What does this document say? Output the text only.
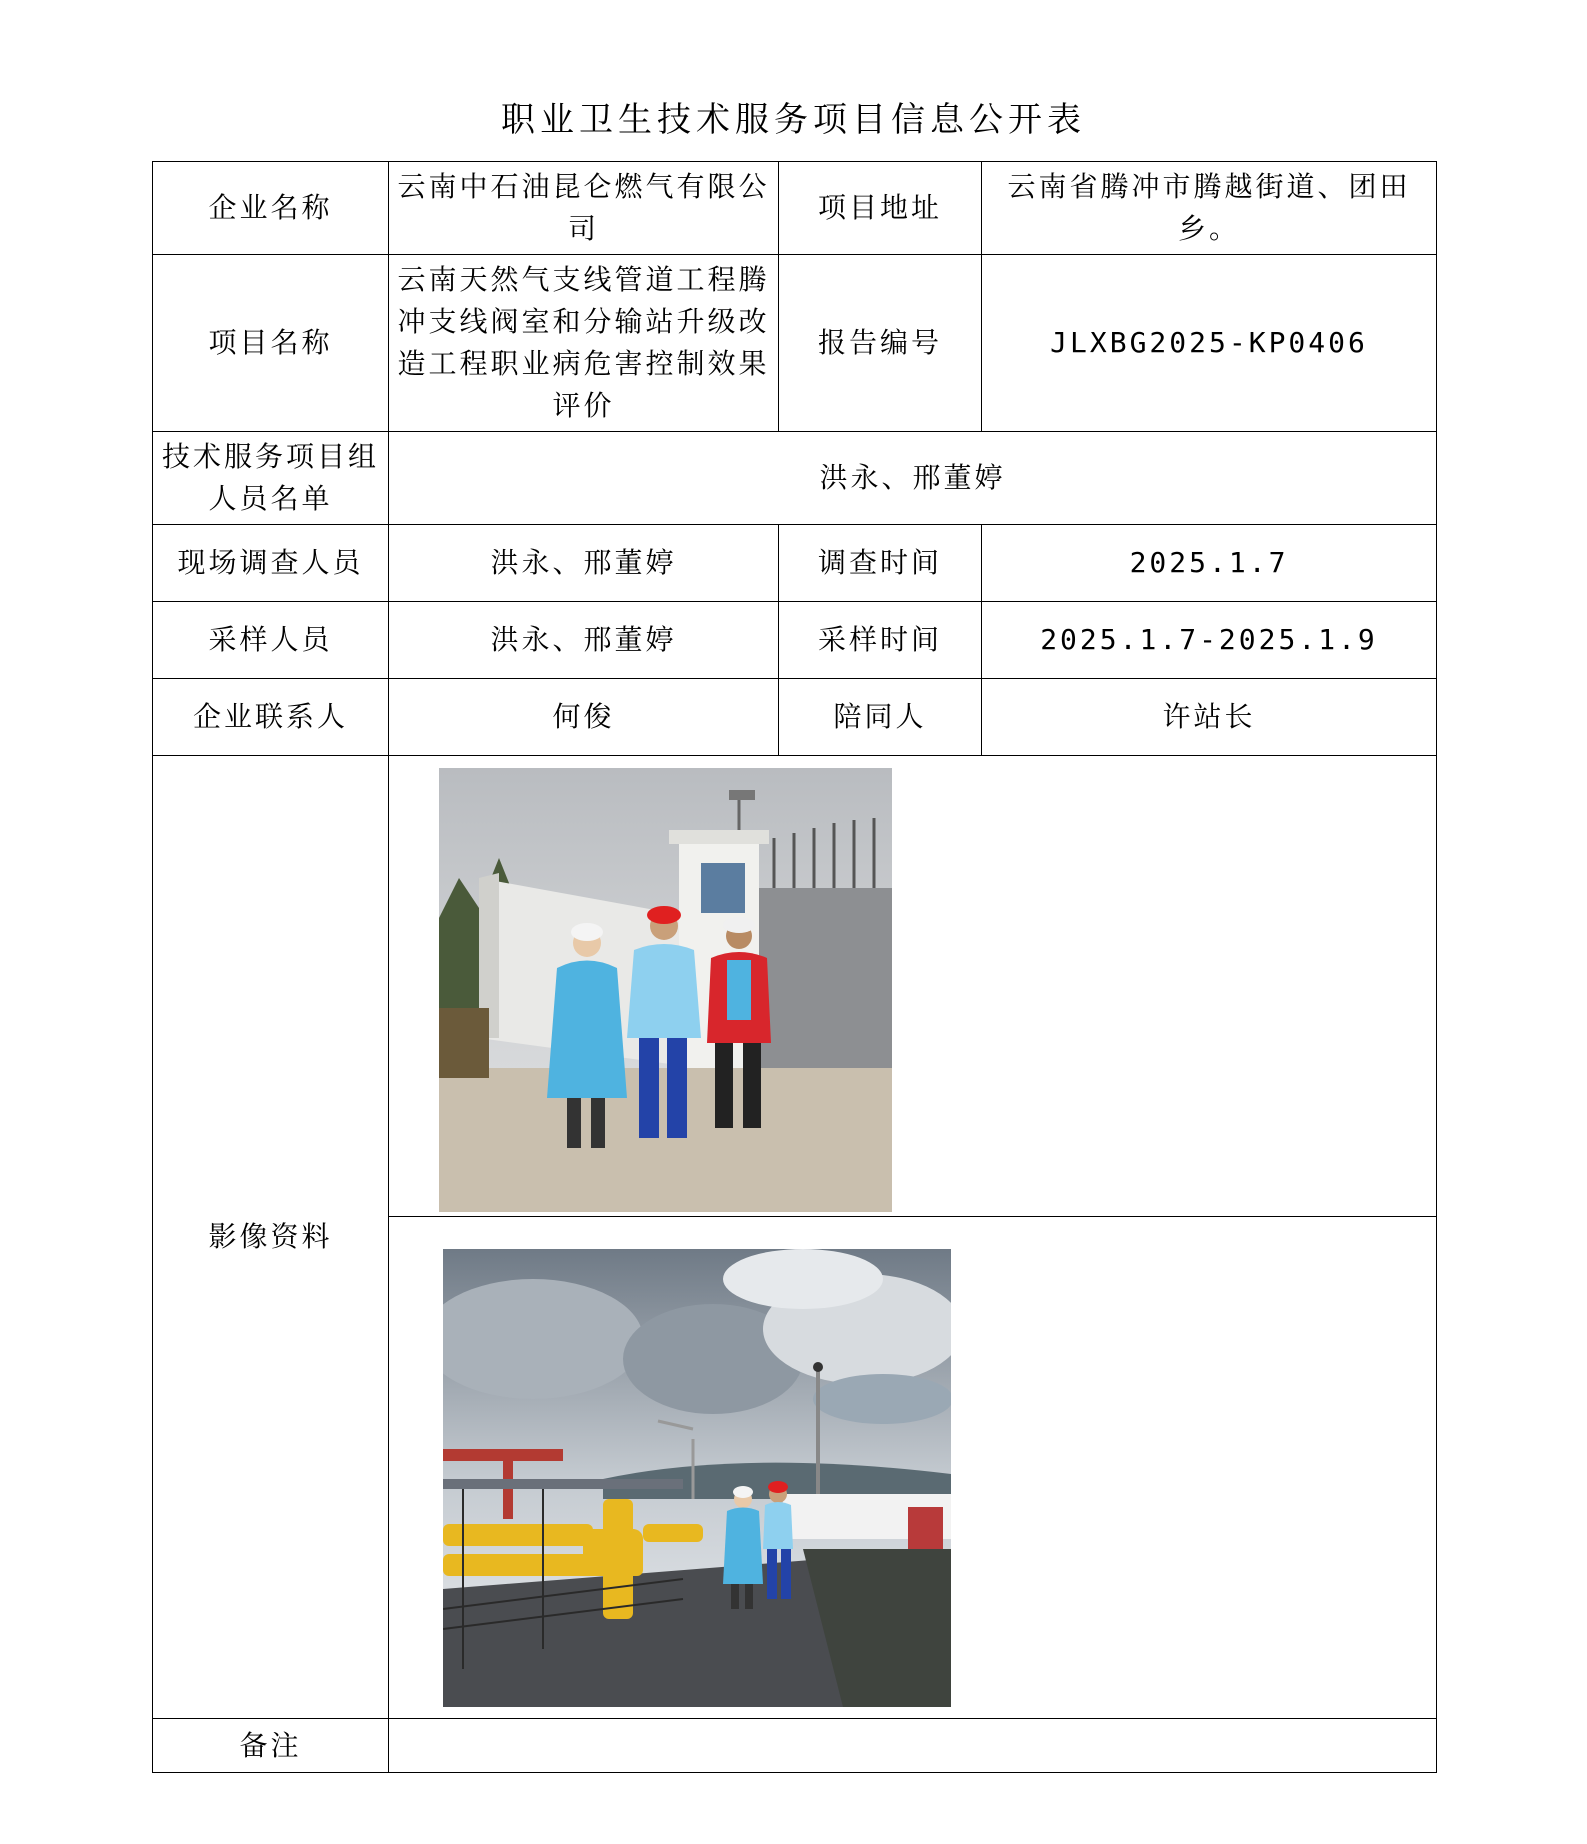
职业卫生技术服务项目信息公开表
企业名称	云南中石油昆仑燃气有限公司	项目地址	云南省腾冲市腾越街道、团田乡。
项目名称	云南天然气支线管道工程腾冲支线阀室和分输站升级改造工程职业病危害控制效果评价	报告编号	JLXBG2025-KP0406
技术服务项目组人员名单	洪永、邢董婷		
现场调查人员	洪永、邢董婷	调查时间	2025.1.7
采样人员	洪永、邢董婷	采样时间	2025.1.7-2025.1.9
企业联系人	何俊	陪同人	许站长
影像资料	

备注			
